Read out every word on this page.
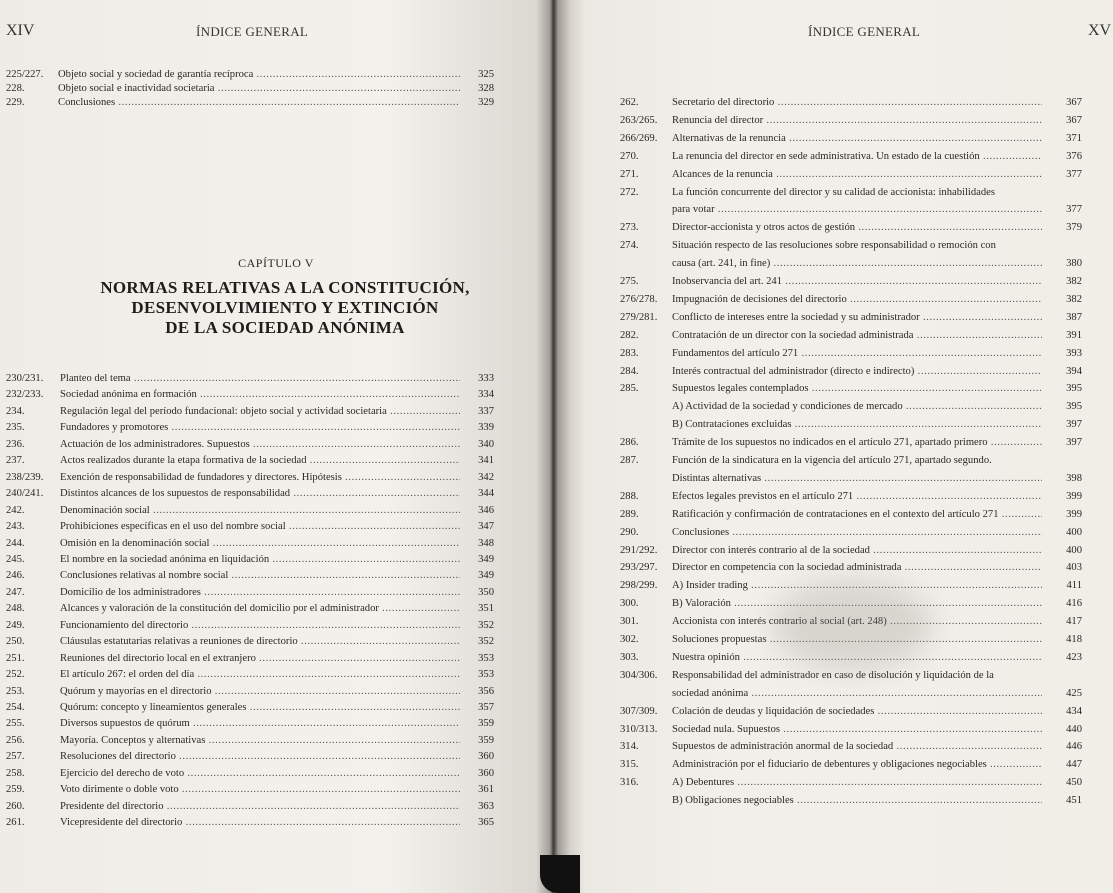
XIV	ÍNDICE GENERAL
225/227. Objeto social y sociedad de garantía recíproca .....	325
228.	Objeto social e inactividad societaria .....	328
229.	Conclusiones .....	329
CAPÍTULO V
NORMAS RELATIVAS A LA CONSTITUCIÓN,
DESENVOLVIMIENTO Y EXTINCIÓN
DE LA SOCIEDAD ANÓNIMA
230/231. Planteo del tema .....	333
232/233. Sociedad anónima en formación .....	334
234.	Regulación legal del período fundacional: objeto social y actividad societaria .....	337
235.	Fundadores y promotores .....	339
236.	Actuación de los administradores. Supuestos .....	340
237.	Actos realizados durante la etapa formativa de la sociedad .....	341
238/239. Exención de responsabilidad de fundadores y directores. Hipótesis .....	342
240/241. Distintos alcances de los supuestos de responsabilidad .....	344
242.	Denominación social .....	346
243.	Prohibiciones específicas en el uso del nombre social .....	347
244.	Omisión en la denominación social .....	348
245.	El nombre en la sociedad anónima en liquidación .....	349
246.	Conclusiones relativas al nombre social .....	349
247.	Domicilio de los administradores .....	350
248.	Alcances y valoración de la constitución del domicilio por el administrador .....	351
249.	Funcionamiento del directorio .....	352
250.	Cláusulas estatutarias relativas a reuniones de directorio .....	352
251.	Reuniones del directorio local en el extranjero .....	353
252.	El artículo 267: el orden del día .....	353
253.	Quórum y mayorías en el directorio .....	356
254.	Quórum: concepto y lineamientos generales .....	357
255.	Diversos supuestos de quórum .....	359
256.	Mayoría. Conceptos y alternativas .....	359
257.	Resoluciones del directorio .....	360
258.	Ejercicio del derecho de voto .....	360
259.	Voto dirimente o doble voto .....	361
260.	Presidente del directorio .....	363
261.	Vicepresidente del directorio .....	365
ÍNDICE GENERAL	XV
262.	Secretario del directorio .....	367
263/265. Renuncia del director .....	367
266/269. Alternativas de la renuncia .....	371
270.	La renuncia del director en sede administrativa. Un estado de la cuestión .....	376
271.	Alcances de la renuncia .....	377
272.	La función concurrente del director y su calidad de accionista: inhabilidades
para votar .....	377
273.	Director-accionista y otros actos de gestión .....	379
274.	Situación respecto de las resoluciones sobre responsabilidad o remoción con
causa (art. 241, in fine) .....	380
275.	Inobservancia del art. 241 .....	382
276/278. Impugnación de decisiones del directorio .....	382
279/281. Conflicto de intereses entre la sociedad y su administrador .....	387
282.	Contratación de un director con la sociedad administrada .....	391
283.	Fundamentos del artículo 271 .....	393
284.	Interés contractual del administrador (directo e indirecto) .....	394
285.	Supuestos legales contemplados .....	395
A) Actividad de la sociedad y condiciones de mercado .....	395
B) Contrataciones excluidas .....	397
286.	Trámite de los supuestos no indicados en el artículo 271, apartado primero .....	397
287.	Función de la sindicatura en la vigencia del artículo 271, apartado segundo.
Distintas alternativas .....	398
288.	Efectos legales previstos en el artículo 271 .....	399
289.	Ratificación y confirmación de contrataciones en el contexto del artículo 271 .....	399
290.	Conclusiones .....	400
291/292. Director con interés contrario al de la sociedad .....	400
293/297. Director en competencia con la sociedad administrada .....	403
298/299. A) Insider trading .....	411
300.	B) Valoración .....	416
301.	Accionista con interés contrario al social (art. 248) .....	417
302.	Soluciones propuestas .....	418
303.	Nuestra opinión .....	423
304/306. Responsabilidad del administrador en caso de disolución y liquidación de la
sociedad anónima .....	425
307/309. Colación de deudas y liquidación de sociedades .....	434
310/313. Sociedad nula. Supuestos .....	440
314.	Supuestos de administración anormal de la sociedad .....	446
315.	Administración por el fiduciario de debentures y obligaciones negociables .....	447
316.	A) Debentures .....	450
B) Obligaciones negociables .....	451
